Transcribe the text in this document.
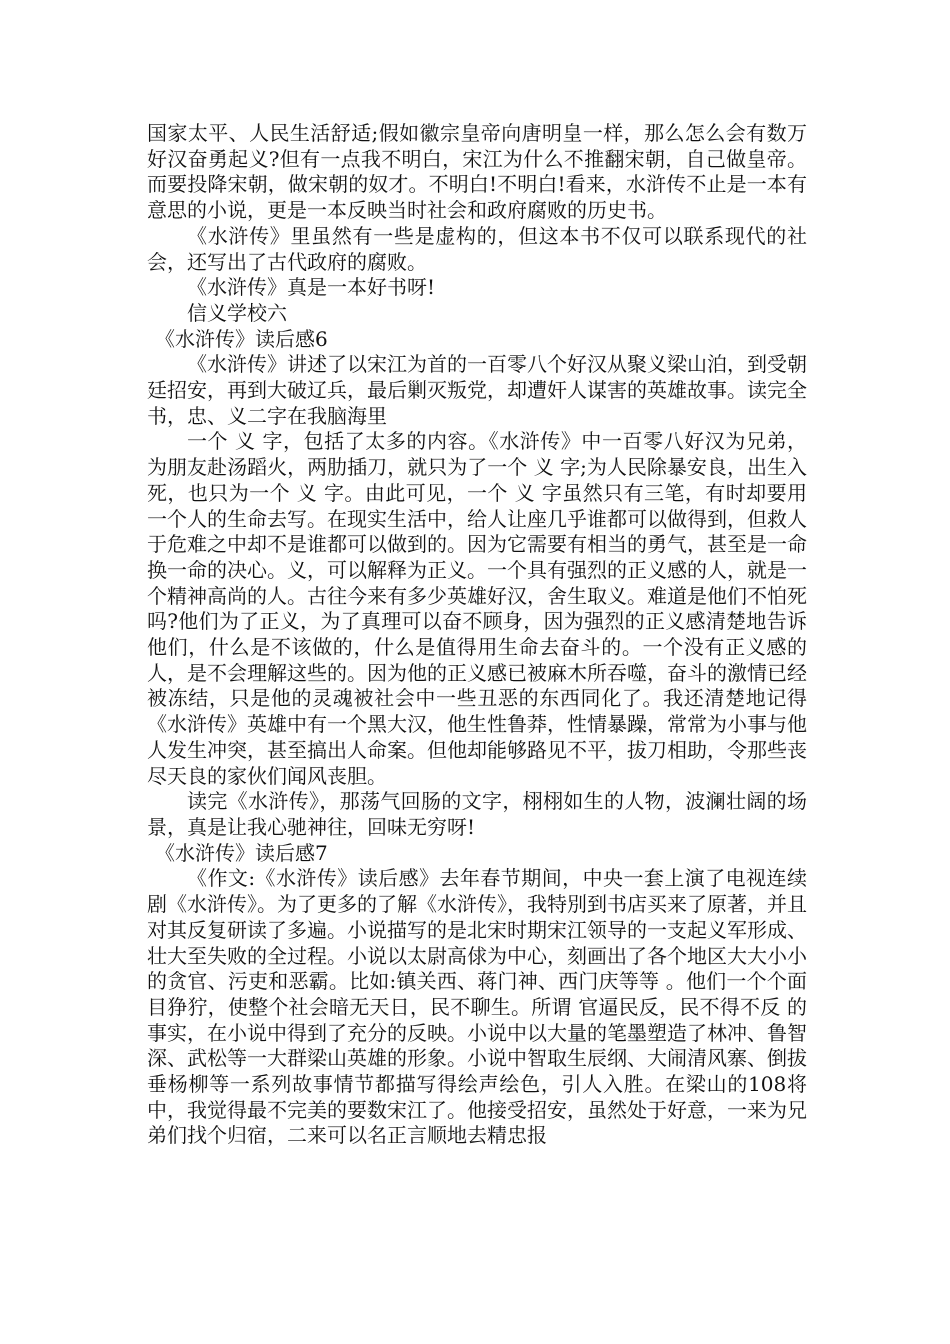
国家太平、人民生活舒适;假如徽宗皇帝向唐明皇一样，那么怎么会有数万好汉奋勇起义?但有一点我不明白，宋江为什么不推翻宋朝，自己做皇帝。而要投降宋朝，做宋朝的奴才。不明白!不明白!看来，水浒传不止是一本有意思的小说，更是一本反映当时社会和政府腐败的历史书。

《水浒传》里虽然有一些是虚构的，但这本书不仅可以联系现代的社会，还写出了古代政府的腐败。

《水浒传》真是一本好书呀!

信义学校六

《水浒传》读后感6

《水浒传》讲述了以宋江为首的一百零八个好汉从聚义梁山泊，到受朝廷招安，再到大破辽兵，最后剿灭叛党，却遭奸人谋害的英雄故事。读完全书，忠、义二字在我脑海里

一个 义 字，包括了太多的内容。《水浒传》中一百零八好汉为兄弟，为朋友赴汤蹈火，两肋插刀，就只为了一个 义 字;为人民除暴安良，出生入死，也只为一个 义 字。由此可见，一个 义 字虽然只有三笔，有时却要用一个人的生命去写。在现实生活中，给人让座几乎谁都可以做得到，但救人于危难之中却不是谁都可以做到的。因为它需要有相当的勇气，甚至是一命换一命的决心。义，可以解释为正义。一个具有强烈的正义感的人，就是一个精神高尚的人。古往今来有多少英雄好汉，舍生取义。难道是他们不怕死吗?他们为了正义，为了真理可以奋不顾身，因为强烈的正义感清楚地告诉他们，什么是不该做的，什么是值得用生命去奋斗的。一个没有正义感的人，是不会理解这些的。因为他的正义感已被麻木所吞噬，奋斗的激情已经被冻结，只是他的灵魂被社会中一些丑恶的东西同化了。我还清楚地记得《水浒传》英雄中有一个黑大汉，他生性鲁莽，性情暴躁，常常为小事与他人发生冲突，甚至搞出人命案。但他却能够路见不平，拔刀相助，令那些丧尽天良的家伙们闻风丧胆。

读完《水浒传》，那荡气回肠的文字，栩栩如生的人物，波澜壮阔的场景，真是让我心驰神往，回味无穷呀!

《水浒传》读后感7

《作文:《水浒传》读后感》去年春节期间，中央一套上演了电视连续剧《水浒传》。为了更多的了解《水浒传》，我特別到书店买来了原著，并且对其反复研读了多遍。小说描写的是北宋时期宋江领导的一支起义军形成、壮大至失败的全过程。小说以太尉高俅为中心，刻画出了各个地区大大小小的贪官、污吏和恶霸。比如:镇关西、蒋门神、西门庆等等 。他们一个个面目狰狞，使整个社会暗无天日，民不聊生。所谓 官逼民反，民不得不反 的事实，在小说中得到了充分的反映。小说中以大量的笔墨塑造了林冲、鲁智深、武松等一大群梁山英雄的形象。小说中智取生辰纲、大闹清风寨、倒拔垂杨柳等一系列故事情节都描写得绘声绘色，引人入胜。在梁山的108将中，我觉得最不完美的要数宋江了。他接受招安，虽然处于好意，一来为兄弟们找个归宿，二来可以名正言顺地去精忠报
